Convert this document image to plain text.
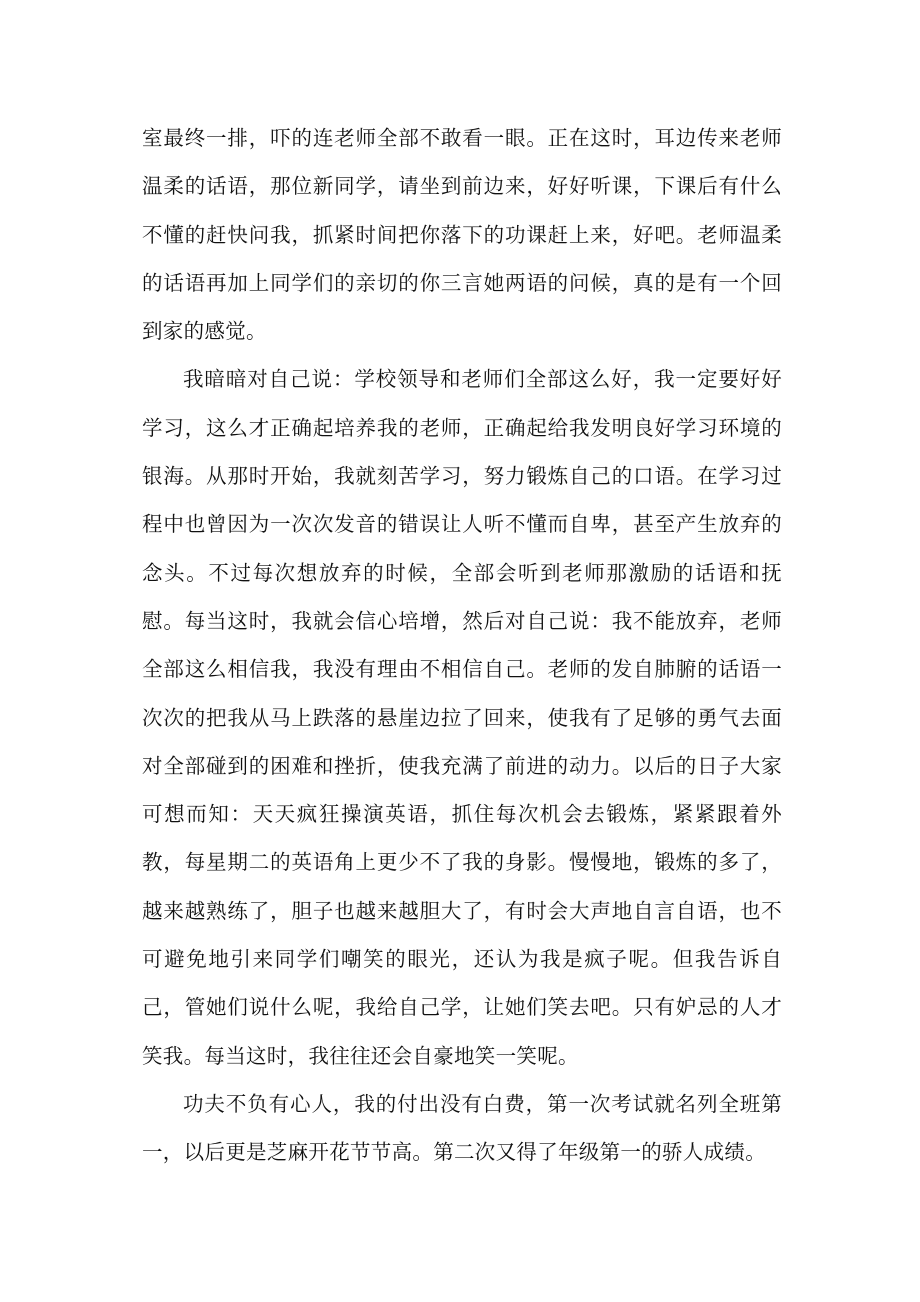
室最终一排，吓的连老师全部不敢看一眼。正在这时，耳边传来老师温柔的话语，那位新同学，请坐到前边来，好好听课，下课后有什么不懂的赶快问我，抓紧时间把你落下的功课赶上来，好吧。老师温柔的话语再加上同学们的亲切的你三言她两语的问候，真的是有一个回到家的感觉。

我暗暗对自己说：学校领导和老师们全部这么好，我一定要好好学习，这么才正确起培养我的老师，正确起给我发明良好学习环境的银海。从那时开始，我就刻苦学习，努力锻炼自己的口语。在学习过程中也曾因为一次次发音的错误让人听不懂而自卑，甚至产生放弃的念头。不过每次想放弃的时候，全部会听到老师那激励的话语和抚慰。每当这时，我就会信心培增，然后对自己说：我不能放弃，老师全部这么相信我，我没有理由不相信自己。老师的发自肺腑的话语一次次的把我从马上跌落的悬崖边拉了回来，使我有了足够的勇气去面对全部碰到的困难和挫折，使我充满了前进的动力。以后的日子大家可想而知：天天疯狂操演英语，抓住每次机会去锻炼，紧紧跟着外教，每星期二的英语角上更少不了我的身影。慢慢地，锻炼的多了，越来越熟练了，胆子也越来越胆大了，有时会大声地自言自语，也不可避免地引来同学们嘲笑的眼光，还认为我是疯子呢。但我告诉自己，管她们说什么呢，我给自己学，让她们笑去吧。只有妒忌的人才笑我。每当这时，我往往还会自豪地笑一笑呢。

功夫不负有心人，我的付出没有白费，第一次考试就名列全班第一，以后更是芝麻开花节节高。第二次又得了年级第一的骄人成绩。
